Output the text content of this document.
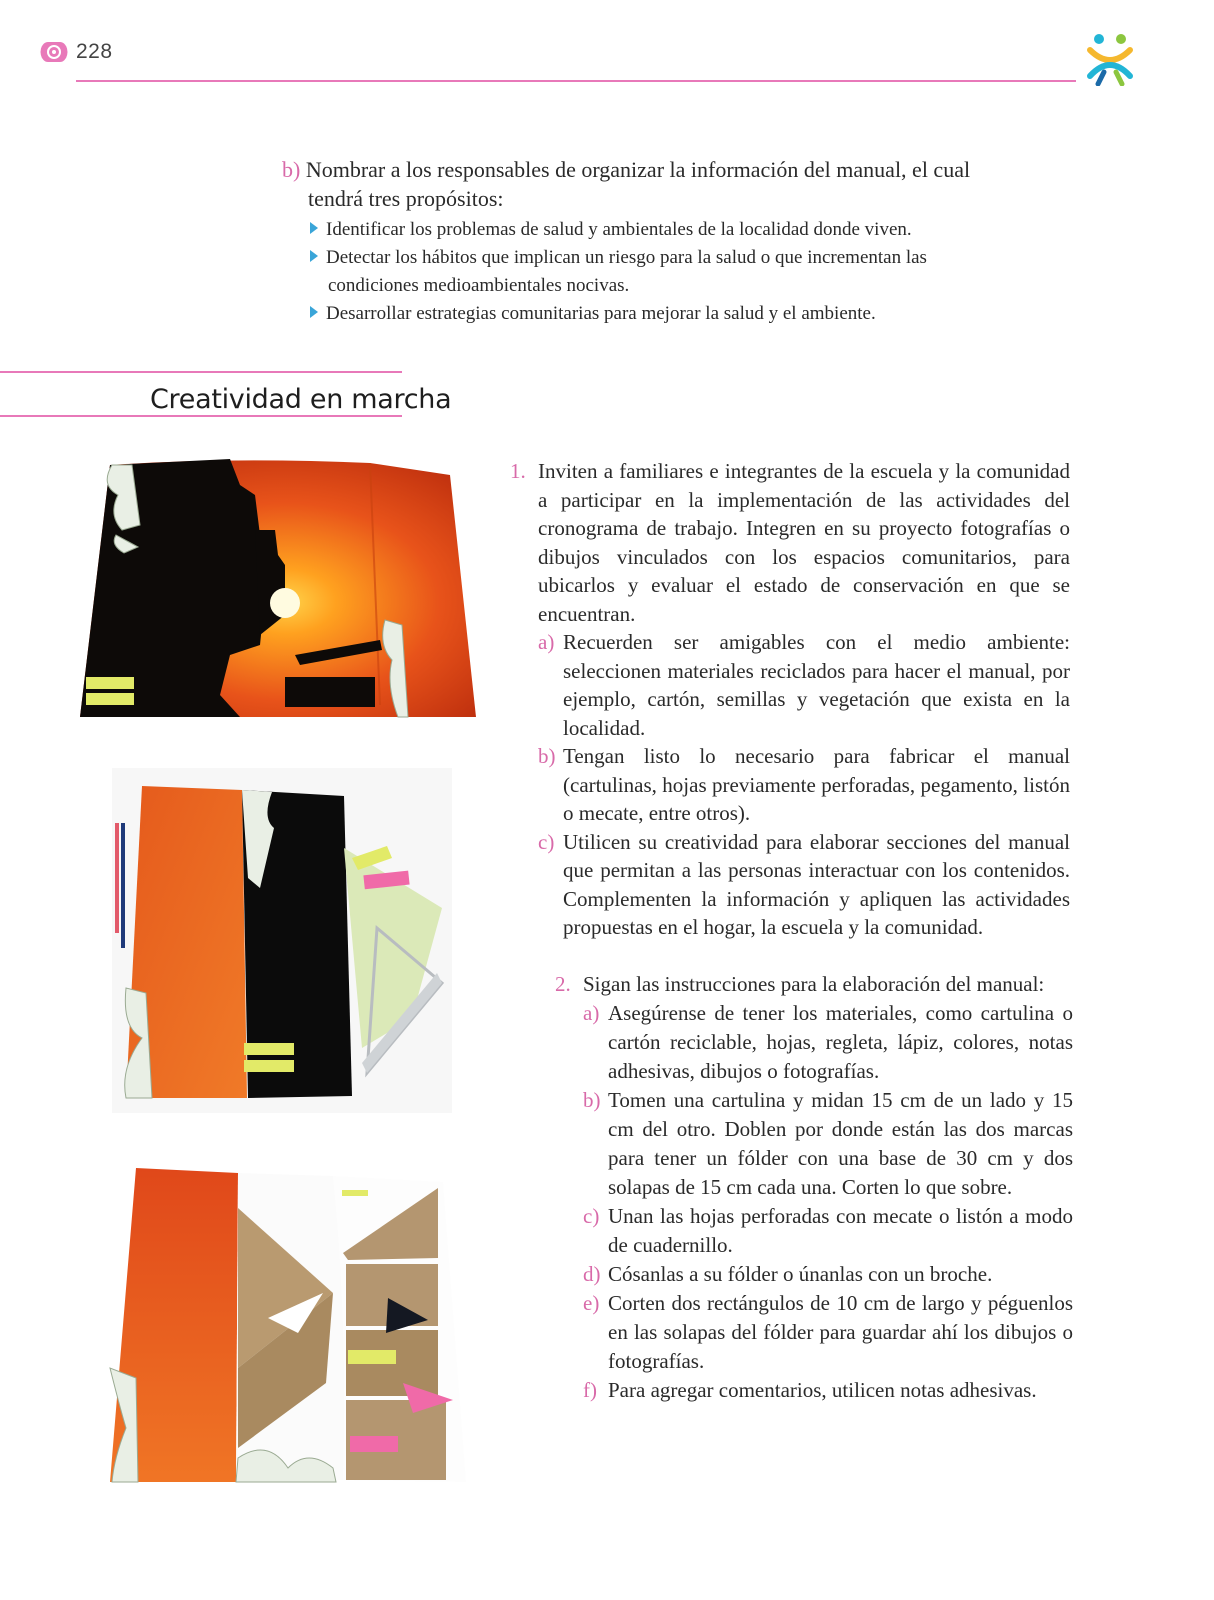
228
b) Nombrar a los responsables de organizar la información del manual, el cual tendrá tres propósitos:
Identificar los problemas de salud y ambientales de la localidad donde viven.
Detectar los hábitos que implican un riesgo para la salud o que incrementan las condiciones medioambientales nocivas.
Desarrollar estrategias comunitarias para mejorar la salud y el ambiente.
Creatividad en marcha
1. Inviten a familiares e integrantes de la escuela y la comunidad a participar en la implementación de las actividades del cronograma de trabajo. Integren en su proyecto fotografías o dibujos vinculados con los espacios comunitarios, para ubicarlos y evaluar el estado de conservación en que se encuentran.
a) Recuerden ser amigables con el medio ambiente: seleccionen materiales reciclados para hacer el manual, por ejemplo, cartón, semillas y vegetación que exista en la localidad.
b) Tengan listo lo necesario para fabricar el manual (cartulinas, hojas previamente perforadas, pegamento, listón o mecate, entre otros).
c) Utilicen su creatividad para elaborar secciones del manual que permitan a las personas interactuar con los contenidos. Complementen la información y apliquen las actividades propuestas en el hogar, la escuela y la comunidad.
2. Sigan las instrucciones para la elaboración del manual:
a) Asegúrense de tener los materiales, como cartulina o cartón reciclable, hojas, regleta, lápiz, colores, notas adhesivas, dibujos o fotografías.
b) Tomen una cartulina y midan 15 cm de un lado y 15 cm del otro. Doblen por donde están las dos marcas para tener un fólder con una base de 30 cm y dos solapas de 15 cm cada una. Corten lo que sobre.
c) Unan las hojas perforadas con mecate o listón a modo de cuadernillo.
d) Cósanlas a su fólder o únanlas con un broche.
e) Corten dos rectángulos de 10 cm de largo y péguenlos en las solapas del fólder para guardar ahí los dibujos o fotografías.
f) Para agregar comentarios, utilicen notas adhesivas.
